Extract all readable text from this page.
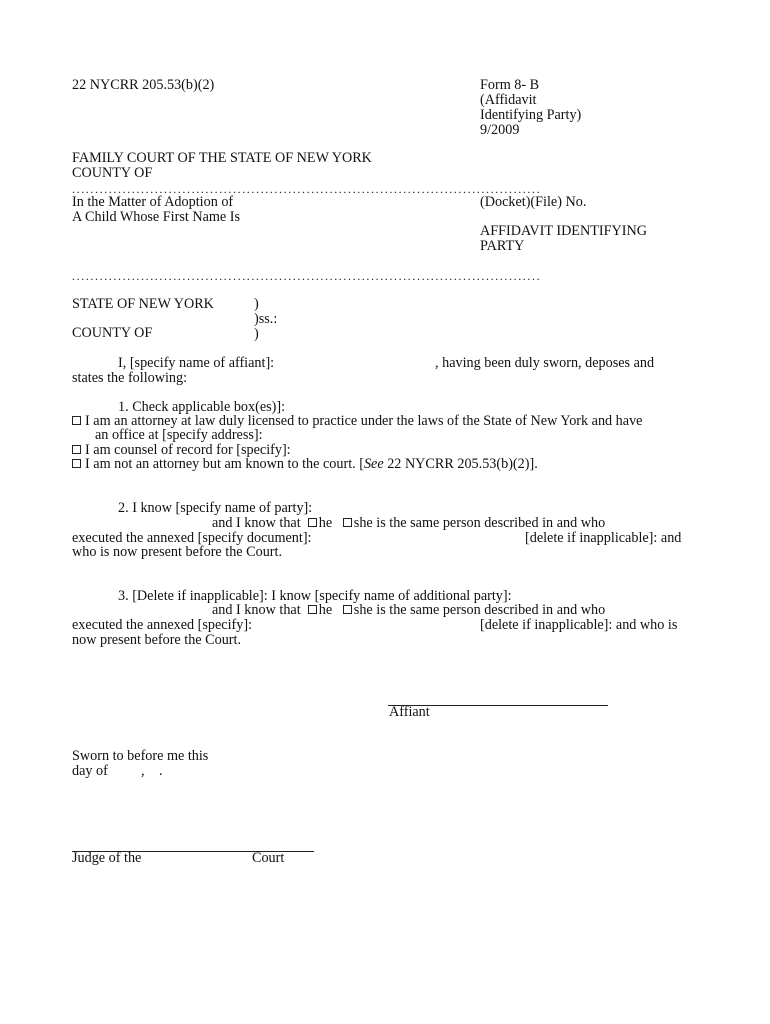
22 NYCRR 205.53(b)(2)	Form 8- B
(Affidavit
Identifying Party)
9/2009
FAMILY COURT OF THE STATE OF NEW YORK
COUNTY OF
......................................................................................................
In the Matter of Adoption of
A Child Whose First Name Is
(Docket)(File) No.
AFFIDAVIT IDENTIFYING
PARTY
......................................................................................................
STATE OF NEW YORK
COUNTY OF
)
)ss.:
)
I, [specify name of affiant]:	, having been duly sworn, deposes and
states the following:
1. Check applicable box(es)]:
I am an attorney at law duly licensed to practice under the laws of the State of New York and have
an office at [specify address]:
I am counsel of record for [specify]:
I am not an attorney but am known to the court. [See 22 NYCRR 205.53(b)(2)].
2. I know [specify name of party]:
and I know that he she is the same person described in and who
executed the annexed [specify document]:	[delete if inapplicable]: and
who is now present before the Court.
3. [Delete if inapplicable]: I know [specify name of additional party]:
and I know that he she is the same person described in and who
executed the annexed [specify]:	[delete if inapplicable]: and who is
now present before the Court.
Affiant
Sworn to before me this
day of , .
Judge of the	Court
